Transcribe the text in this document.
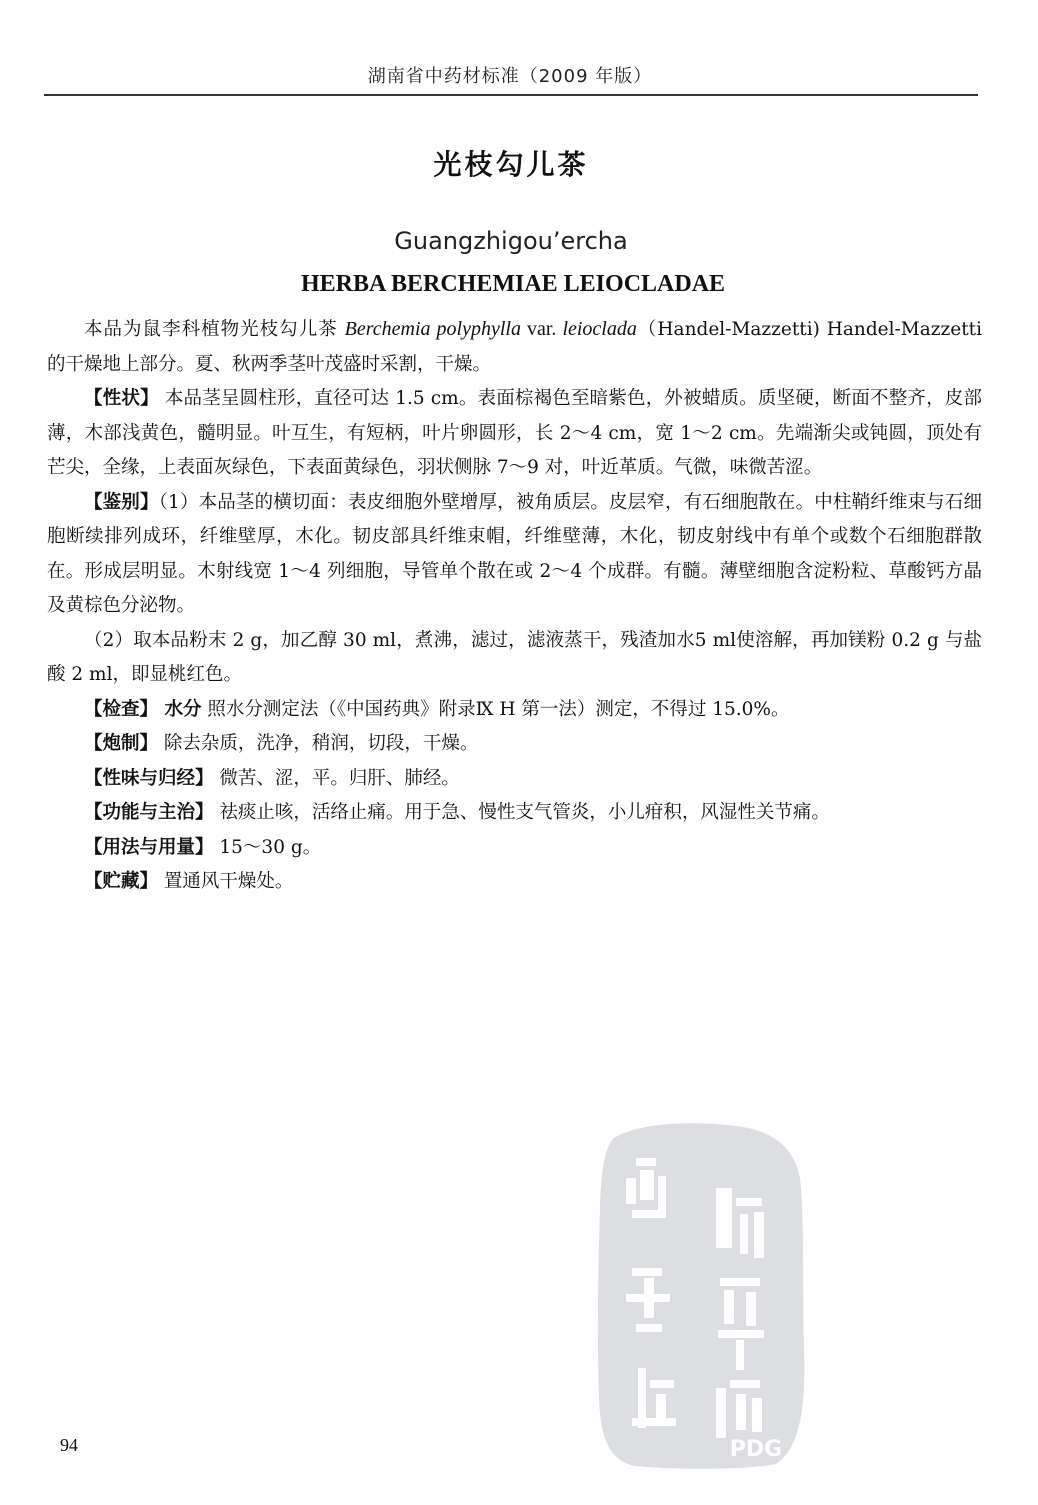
湖南省中药材标准（2009 年版）
光枝勾儿茶
Guangzhigou’ercha
HERBA BERCHEMIAE LEIOCLADAE

本品为鼠李科植物光枝勾儿茶 Berchemia polyphylla var. leioclada（Handel-Mazzetti) Handel-Mazzetti 的干燥地上部分。夏、秋两季茎叶茂盛时采割，干燥。

【性状】 本品茎呈圆柱形，直径可达 1.5 cm。表面棕褐色至暗紫色，外被蜡质。质坚硬，断面不整齐，皮部薄，木部浅黄色，髓明显。叶互生，有短柄，叶片卵圆形，长 2～4 cm，宽 1～2 cm。先端渐尖或钝圆，顶处有芒尖，全缘，上表面灰绿色，下表面黄绿色，羽状侧脉 7～9 对，叶近革质。气微，味微苦涩。

【鉴别】（1）本品茎的横切面：表皮细胞外壁增厚，被角质层。皮层窄，有石细胞散在。中柱鞘纤维束与石细胞断续排列成环，纤维壁厚，木化。韧皮部具纤维束帽，纤维壁薄，木化，韧皮射线中有单个或数个石细胞群散在。形成层明显。木射线宽 1～4 列细胞，导管单个散在或 2～4 个成群。有髓。薄壁细胞含淀粉粒、草酸钙方晶及黄棕色分泌物。

（2）取本品粉末 2 g，加乙醇 30 ml，煮沸，滤过，滤液蒸干，残渣加水5 ml使溶解，再加镁粉 0.2 g 与盐酸 2 ml，即显桃红色。

【检查】 水分 照水分测定法（《中国药典》附录Ⅸ H 第一法）测定，不得过 15.0%。

【炮制】 除去杂质，洗净，稍润，切段，干燥。

【性味与归经】 微苦、涩，平。归肝、肺经。

【功能与主治】 祛痰止咳，活络止痛。用于急、慢性支气管炎，小儿疳积，风湿性关节痛。

【用法与用量】 15～30 g。

【贮藏】 置通风干燥处。

94	PDG
